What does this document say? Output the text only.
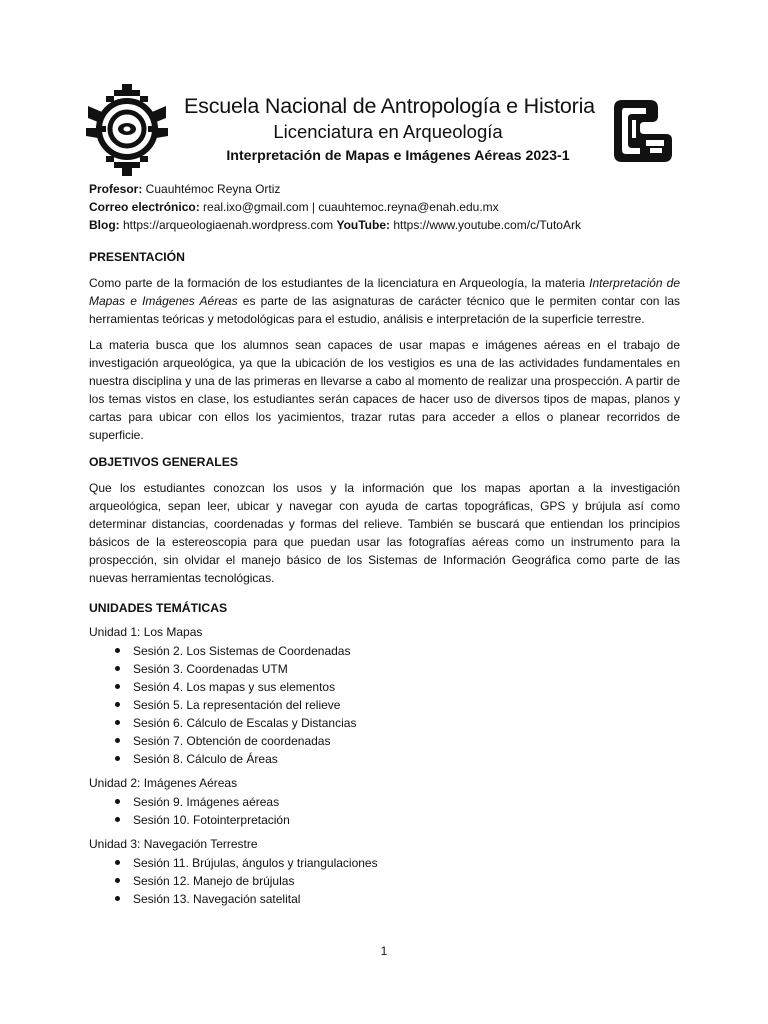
Escuela Nacional de Antropología e Historia
Licenciatura en Arqueología
Interpretación de Mapas e Imágenes Aéreas 2023-1

Profesor: Cuauhtémoc Reyna Ortiz

Correo electrónico: real.ixo@gmail.com | cuauhtemoc.reyna@enah.edu.mx

Blog: https://arqueologiaenah.wordpress.com YouTube: https://www.youtube.com/c/TutoArk

PRESENTACIÓN

Como parte de la formación de los estudiantes de la licenciatura en Arqueología, la materia Interpretación de Mapas e Imágenes Aéreas es parte de las asignaturas de carácter técnico que le permiten contar con las herramientas teóricas y metodológicas para el estudio, análisis e interpretación de la superficie terrestre.

La materia busca que los alumnos sean capaces de usar mapas e imágenes aéreas en el trabajo de investigación arqueológica, ya que la ubicación de los vestigios es una de las actividades fundamentales en nuestra disciplina y una de las primeras en llevarse a cabo al momento de realizar una prospección. A partir de los temas vistos en clase, los estudiantes serán capaces de hacer uso de diversos tipos de mapas, planos y cartas para ubicar con ellos los yacimientos, trazar rutas para acceder a ellos o planear recorridos de superficie.

OBJETIVOS GENERALES

Que los estudiantes conozcan los usos y la información que los mapas aportan a la investigación arqueológica, sepan leer, ubicar y navegar con ayuda de cartas topográficas, GPS y brújula así como determinar distancias, coordenadas y formas del relieve. También se buscará que entiendan los principios básicos de la estereoscopia para que puedan usar las fotografías aéreas como un instrumento para la prospección, sin olvidar el manejo básico de los Sistemas de Información Geográfica como parte de las nuevas herramientas tecnológicas.

UNIDADES TEMÁTICAS

Unidad 1: Los Mapas

Sesión 2. Los Sistemas de Coordenadas
Sesión 3. Coordenadas UTM
Sesión 4. Los mapas y sus elementos
Sesión 5. La representación del relieve
Sesión 6. Cálculo de Escalas y Distancias
Sesión 7. Obtención de coordenadas
Sesión 8. Cálculo de Áreas

Unidad 2: Imágenes Aéreas

Sesión 9. Imágenes aéreas
Sesión 10. Fotointerpretación

Unidad 3: Navegación Terrestre

Sesión 11. Brújulas, ángulos y triangulaciones
Sesión 12. Manejo de brújulas
Sesión 13. Navegación satelital
1
